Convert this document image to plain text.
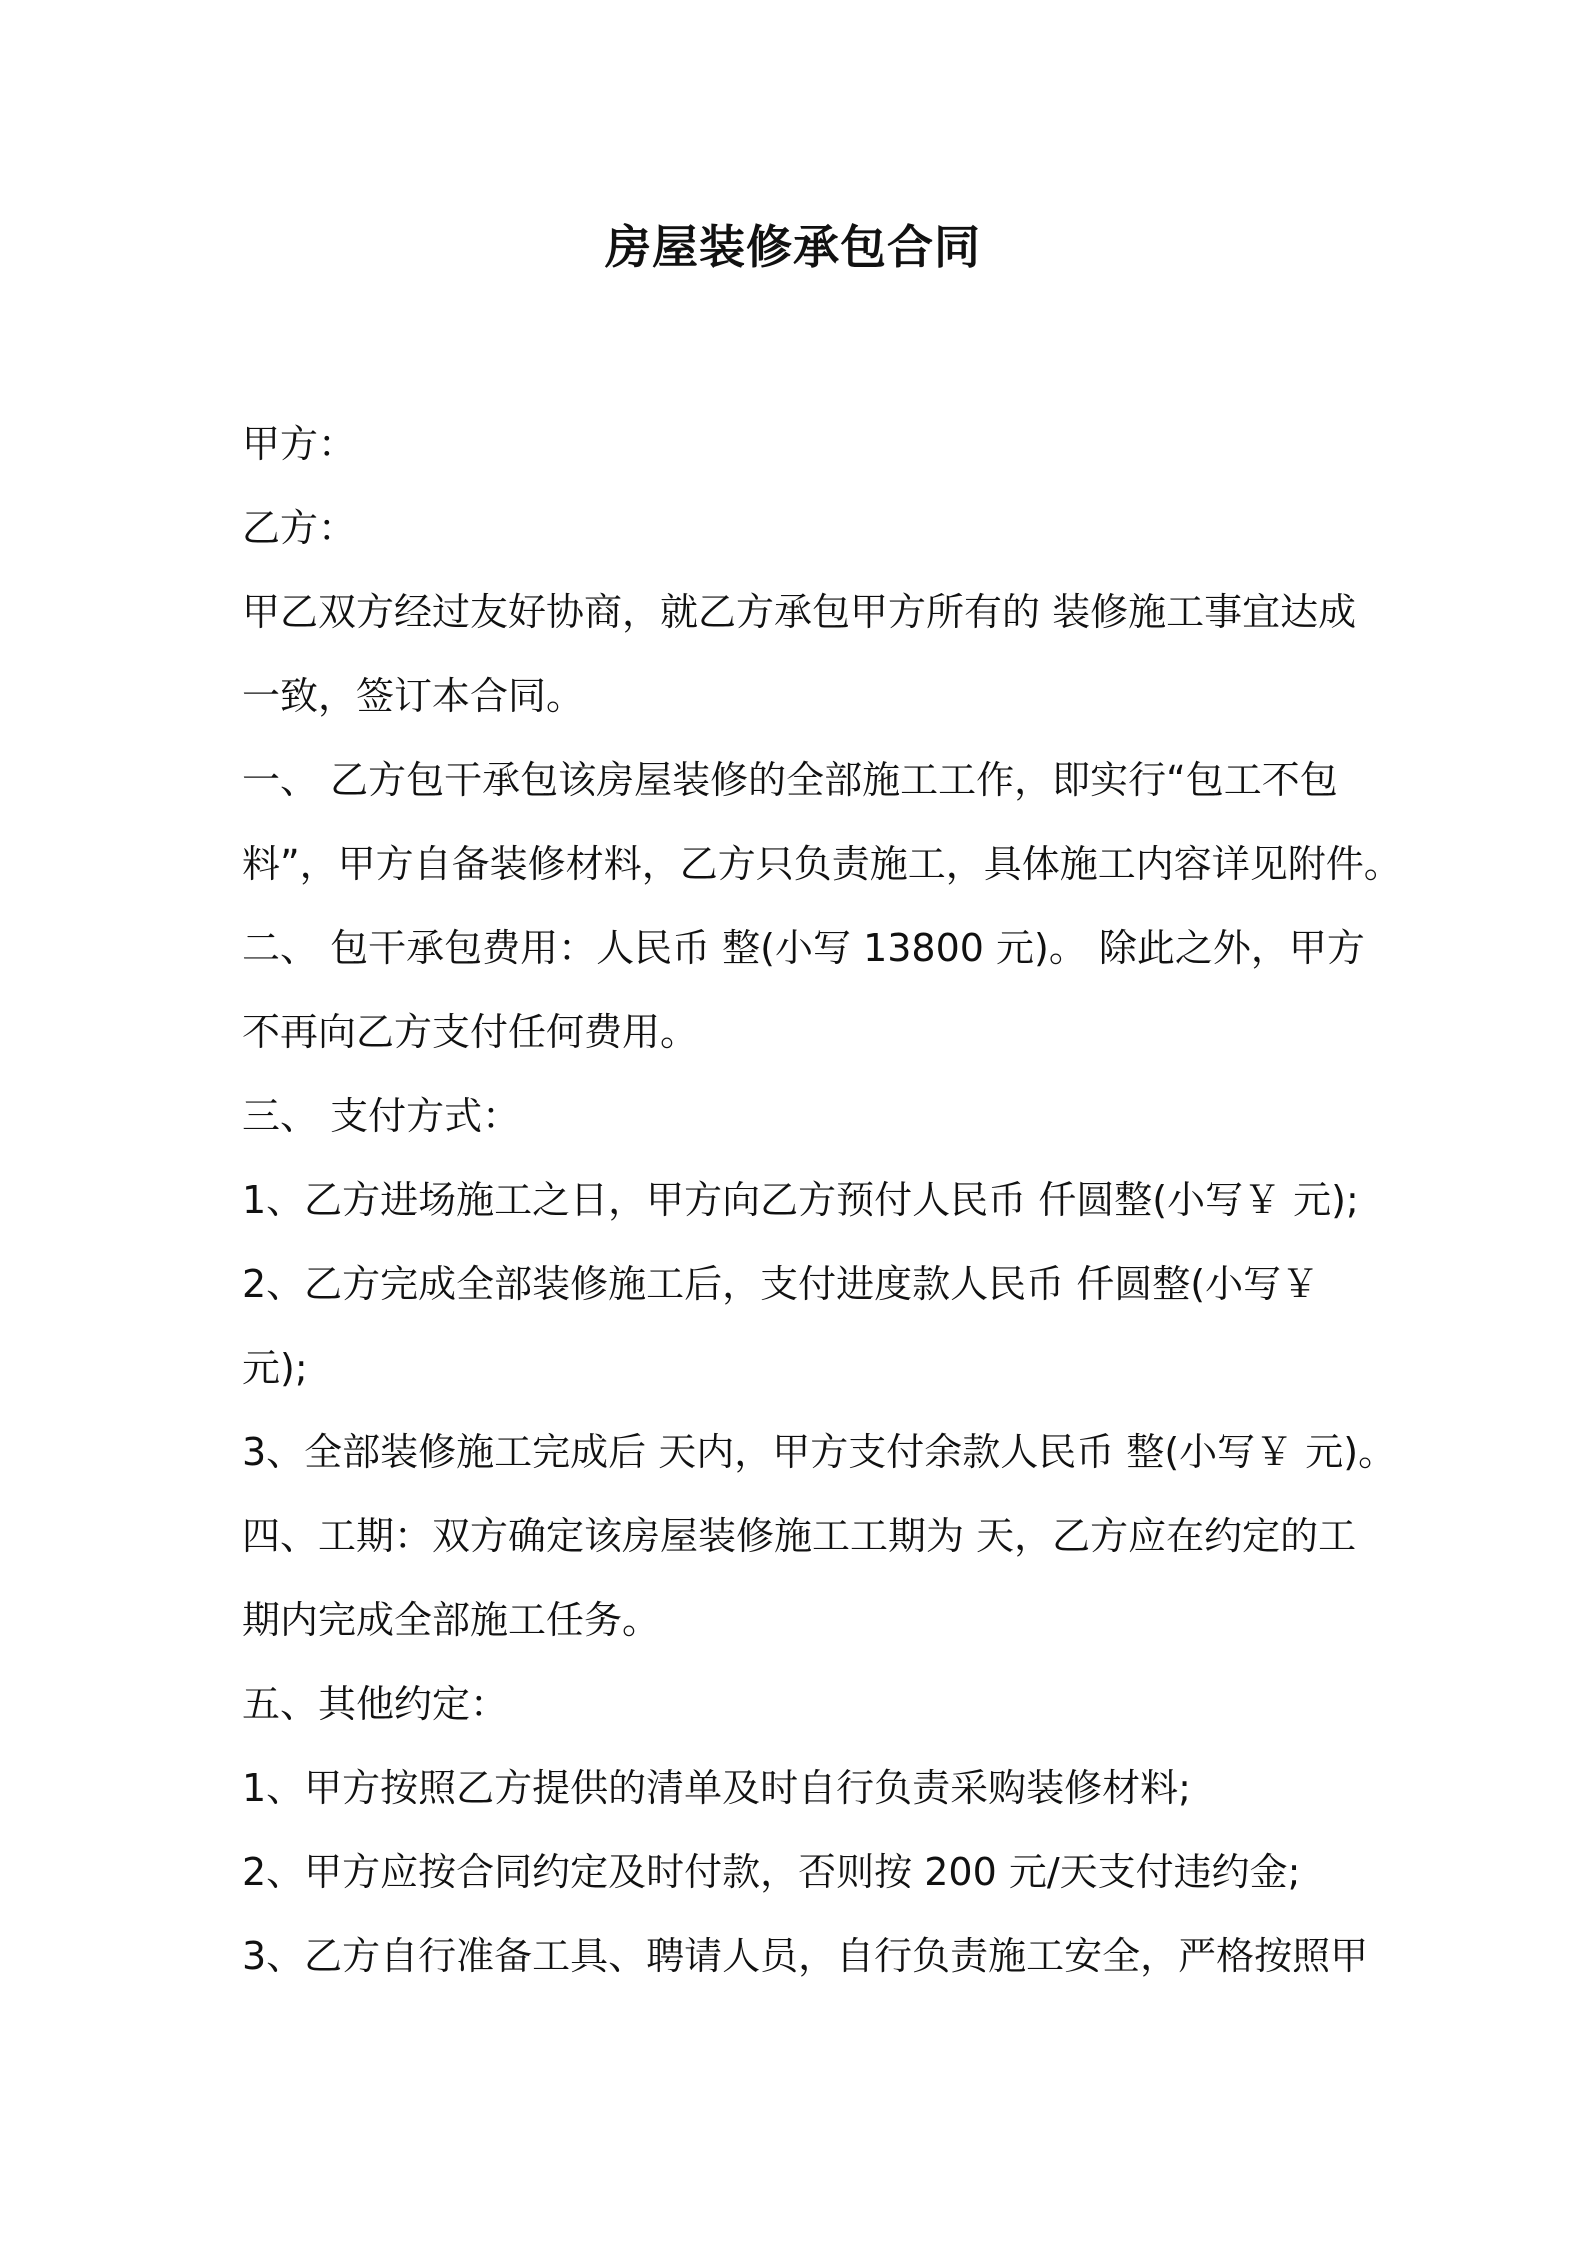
房屋装修承包合同
甲方：
乙方：
甲乙双方经过友好协商，就乙方承包甲方所有的 装修施工事宜达成
一致，签订本合同。
一、 乙方包干承包该房屋装修的全部施工工作，即实行“包工不包
料”，甲方自备装修材料，乙方只负责施工，具体施工内容详见附件。
二、 包干承包费用：人民币 整(小写 13800 元)。 除此之外，甲方
不再向乙方支付任何费用。
三、 支付方式：
1、乙方进场施工之日，甲方向乙方预付人民币 仟圆整(小写￥ 元);
2、乙方完成全部装修施工后，支付进度款人民币 仟圆整(小写￥
元);
3、全部装修施工完成后 天内，甲方支付余款人民币 整(小写￥ 元)。
四、工期：双方确定该房屋装修施工工期为 天，乙方应在约定的工
期内完成全部施工任务。
五、其他约定：
1、甲方按照乙方提供的清单及时自行负责采购装修材料;
2、甲方应按合同约定及时付款，否则按 200 元/天支付违约金;
3、乙方自行准备工具、聘请人员，自行负责施工安全，严格按照甲
